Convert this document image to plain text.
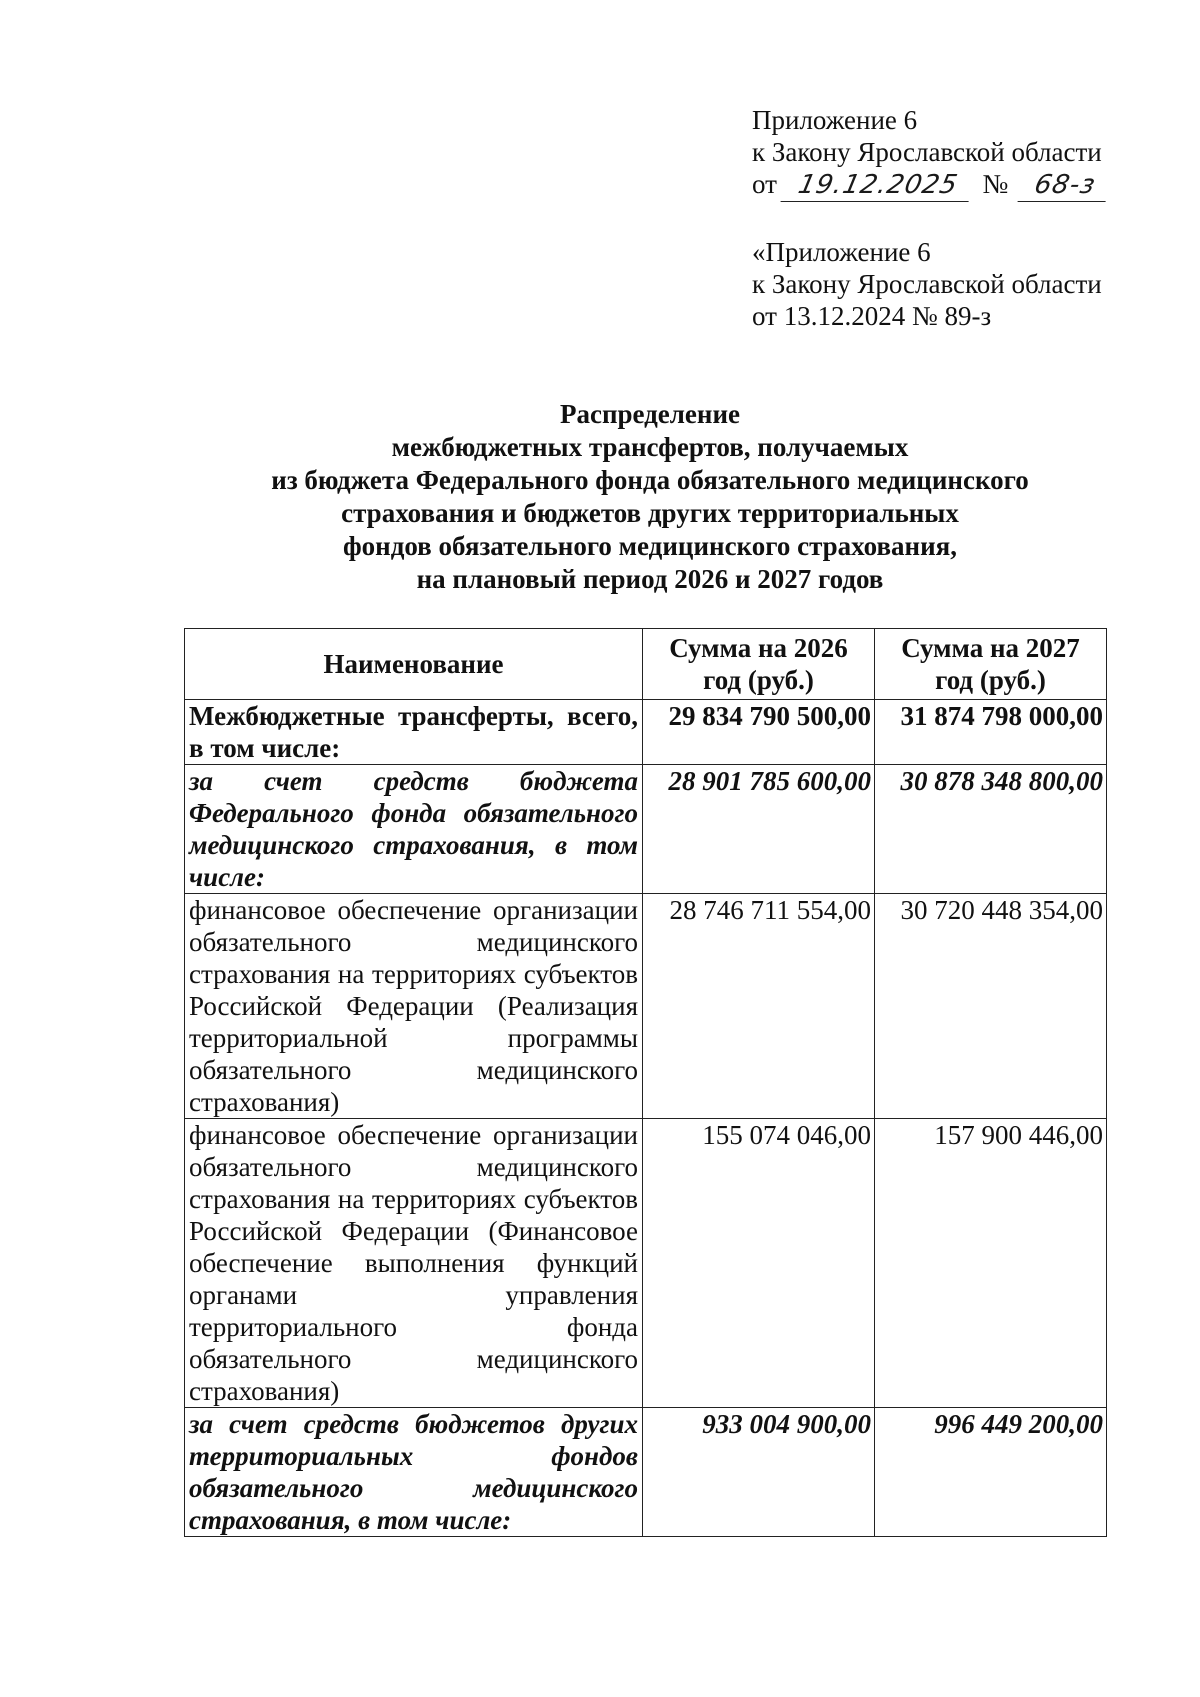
Приложение 6
к Закону Ярославской области
от 19.12.2025 № 68-з
«Приложение 6
к Закону Ярославской области
от 13.12.2024 № 89-з
Распределение
межбюджетных трансфертов, получаемых
из бюджета Федерального фонда обязательного медицинского
страхования и бюджетов других территориальных
фондов обязательного медицинского страхования,
на плановый период 2026 и 2027 годов
Наименование	Сумма на 2026 год (руб.)	Сумма на 2027 год (руб.)
Межбюджетные трансферты, всего, в том числе:	29 834 790 500,00	31 874 798 000,00
за счет средств бюджета Федерального фонда обязательного медицинского страхования, в том числе:	28 901 785 600,00	30 878 348 800,00
финансовое обеспечение организации обязательного медицинского страхования на территориях субъектов Российской Федерации (Реализация территориальной программы обязательного медицинского страхования)	28 746 711 554,00	30 720 448 354,00
финансовое обеспечение организации обязательного медицинского страхования на территориях субъектов Российской Федерации (Финансовое обеспечение выполнения функций органами управления территориального фонда обязательного медицинского страхования)	155 074 046,00	157 900 446,00
за счет средств бюджетов других территориальных фондов обязательного медицинского страхования, в том числе:	933 004 900,00	996 449 200,00
